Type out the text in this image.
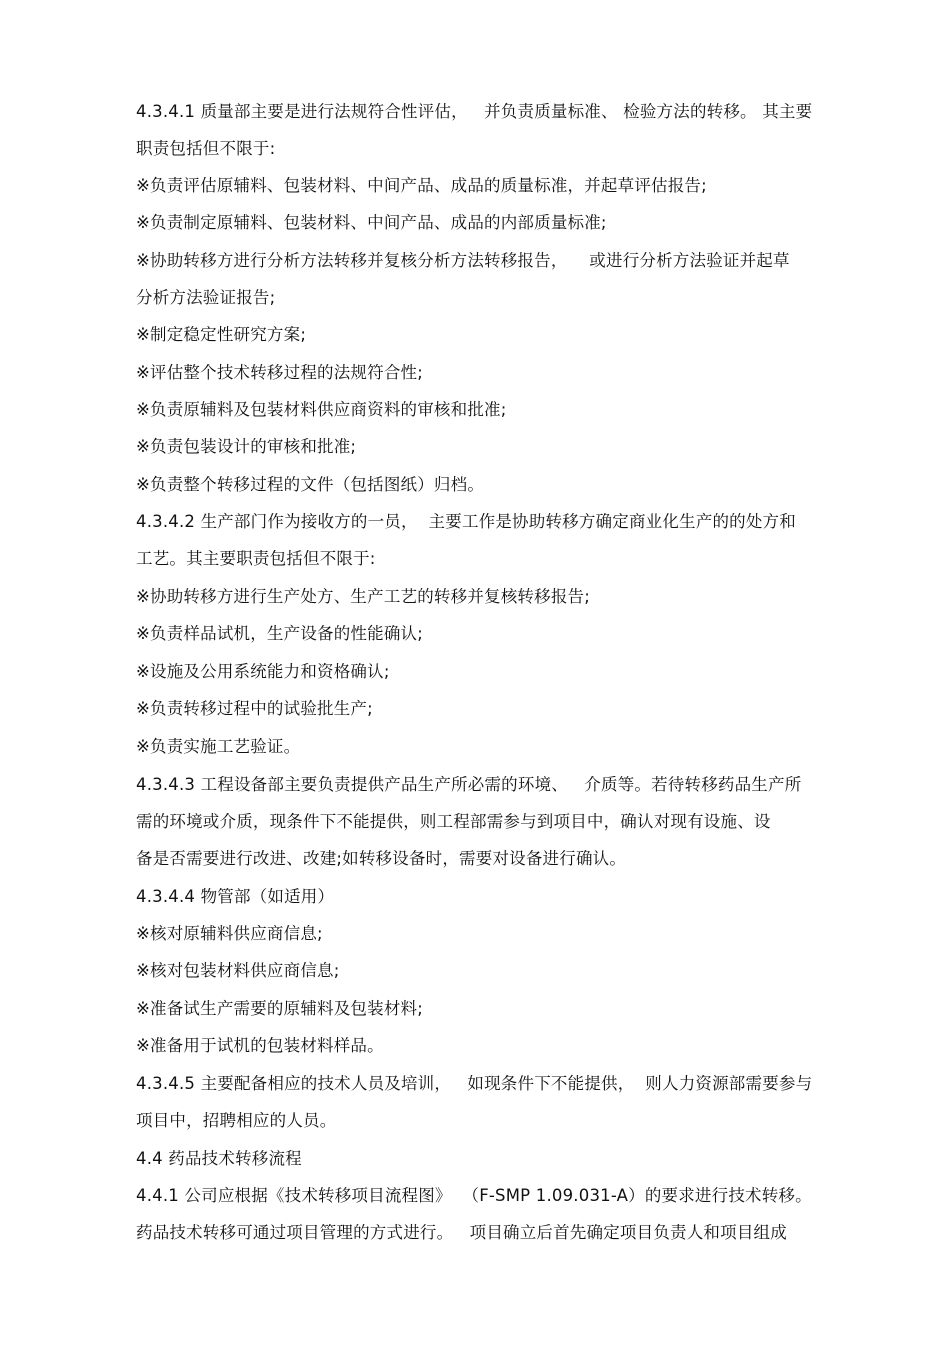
4.3.4.1 质量部主要是进行法规符合性评估，   并负责质量标准、 检验方法的转移。 其主要
职责包括但不限于:
※负责评估原辅料、包装材料、中间产品、成品的质量标准，并起草评估报告;
※负责制定原辅料、包装材料、中间产品、成品的内部质量标准;
※协助转移方进行分析方法转移并复核分析方法转移报告，    或进行分析方法验证并起草
分析方法验证报告;
※制定稳定性研究方案;
※评估整个技术转移过程的法规符合性;
※负责原辅料及包装材料供应商资料的审核和批准;
※负责包装设计的审核和批准;
※负责整个转移过程的文件（包括图纸）归档。
4.3.4.2 生产部门作为接收方的一员，  主要工作是协助转移方确定商业化生产的的处方和
工艺。其主要职责包括但不限于:
※协助转移方进行生产处方、生产工艺的转移并复核转移报告;
※负责样品试机，生产设备的性能确认;
※设施及公用系统能力和资格确认;
※负责转移过程中的试验批生产;
※负责实施工艺验证。
4.3.4.3 工程设备部主要负责提供产品生产所必需的环境、   介质等。若待转移药品生产所
需的环境或介质，现条件下不能提供，则工程部需参与到项目中，确认对现有设施、设
备是否需要进行改进、改建;如转移设备时，需要对设备进行确认。
4.3.4.4 物管部（如适用）
※核对原辅料供应商信息;
※核对包装材料供应商信息;
※准备试生产需要的原辅料及包装材料;
※准备用于试机的包装材料样品。
4.3.4.5 主要配备相应的技术人员及培训，   如现条件下不能提供，  则人力资源部需要参与
项目中，招聘相应的人员。
4.4 药品技术转移流程
4.4.1 公司应根据《技术转移项目流程图》  （F-SMP 1.09.031-A）的要求进行技术转移。
药品技术转移可通过项目管理的方式进行。   项目确立后首先确定项目负责人和项目组成
